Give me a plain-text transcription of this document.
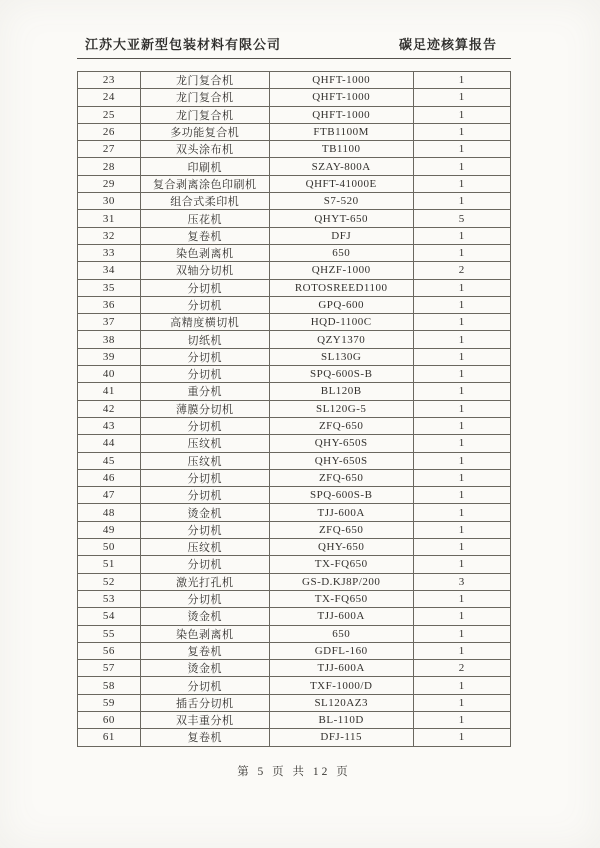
江苏大亚新型包装材料有限公司	碳足迹核算报告
23	龙门复合机	QHFT-1000	1
24	龙门复合机	QHFT-1000	1
25	龙门复合机	QHFT-1000	1
26	多功能复合机	FTB1100M	1
27	双头涂布机	TB1100	1
28	印刷机	SZAY-800A	1
29	复合剥离涂色印刷机	QHFT-41000E	1
30	组合式柔印机	S7-520	1
31	压花机	QHYT-650	5
32	复卷机	DFJ	1
33	染色剥离机	650	1
34	双轴分切机	QHZF-1000	2
35	分切机	ROTOSREED1100	1
36	分切机	GPQ-600	1
37	高精度横切机	HQD-1100C	1
38	切纸机	QZY1370	1
39	分切机	SL130G	1
40	分切机	SPQ-600S-B	1
41	重分机	BL120B	1
42	薄膜分切机	SL120G-5	1
43	分切机	ZFQ-650	1
44	压纹机	QHY-650S	1
45	压纹机	QHY-650S	1
46	分切机	ZFQ-650	1
47	分切机	SPQ-600S-B	1
48	烫金机	TJJ-600A	1
49	分切机	ZFQ-650	1
50	压纹机	QHY-650	1
51	分切机	TX-FQ650	1
52	激光打孔机	GS-D.KJ8P/200	3
53	分切机	TX-FQ650	1
54	烫金机	TJJ-600A	1
55	染色剥离机	650	1
56	复卷机	GDFL-160	1
57	烫金机	TJJ-600A	2
58	分切机	TXF-1000/D	1
59	插舌分切机	SL120AZ3	1
60	双丰重分机	BL-110D	1
61	复卷机	DFJ-115	1
第 5 页 共 12 页
